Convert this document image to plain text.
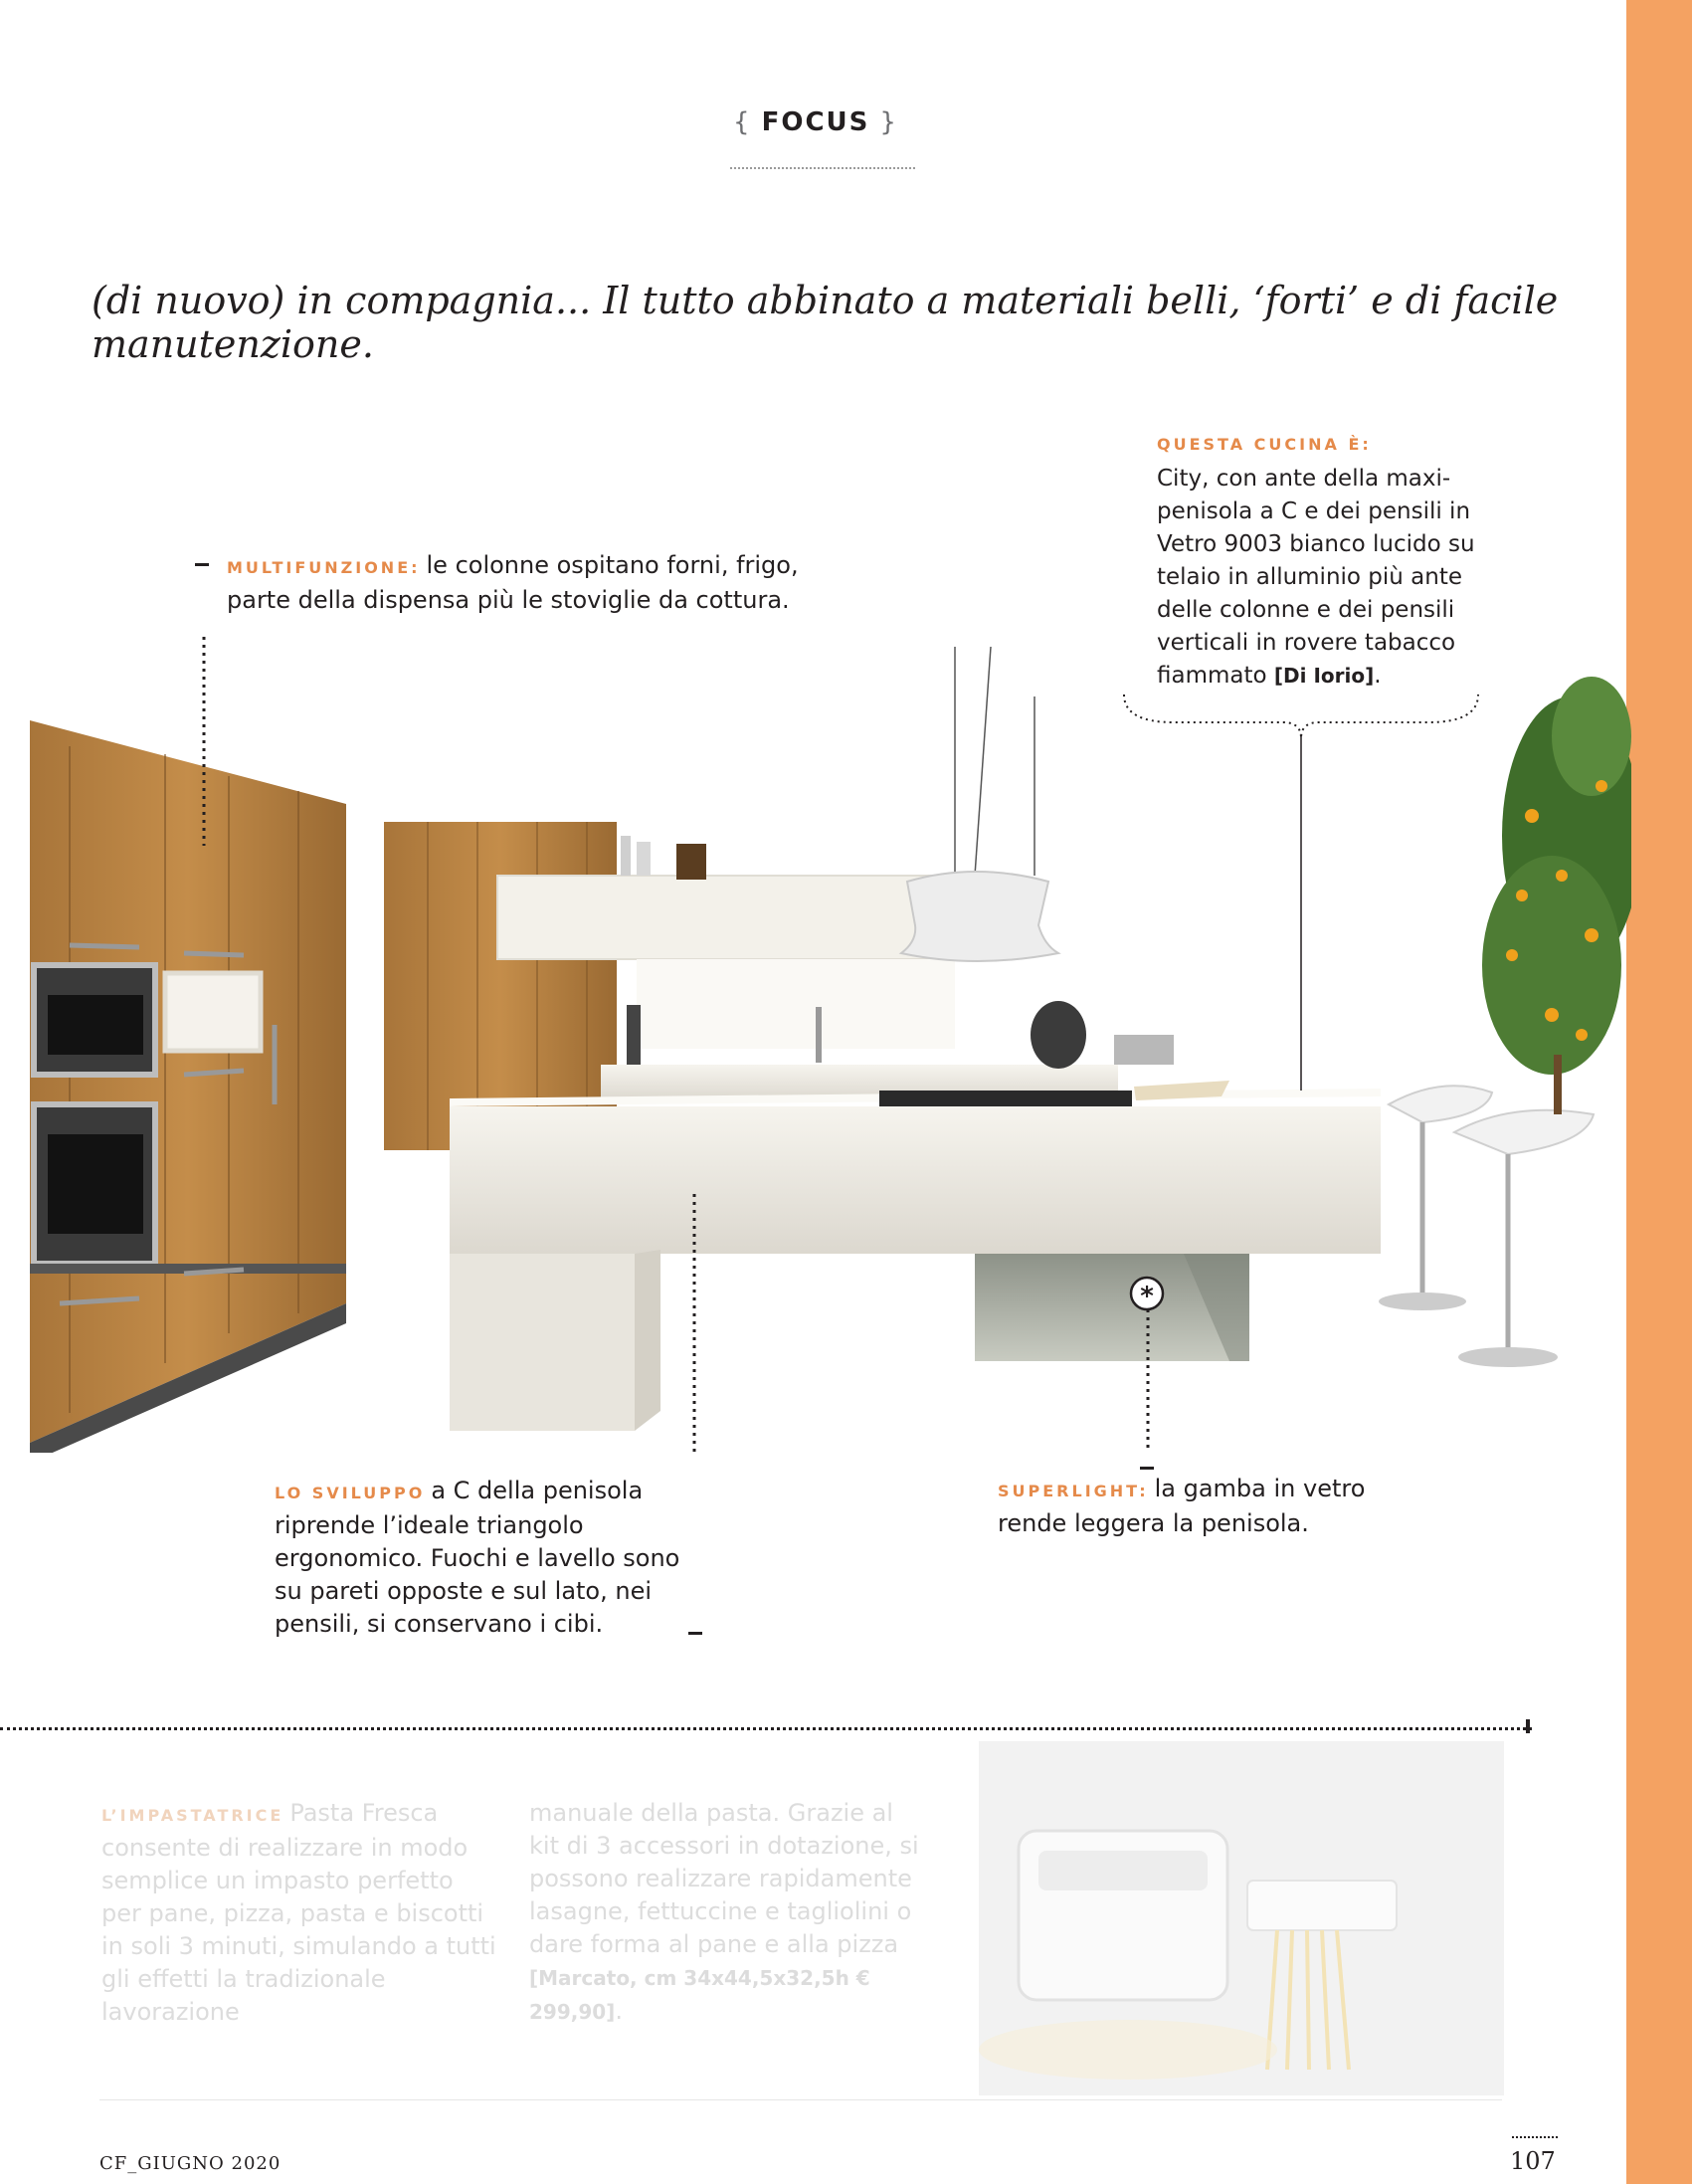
{ FOCUS }
(di nuovo) in compagnia... Il tutto abbinato a materiali belli, ‘forti’ e di facile manutenzione.
*
MULTIFUNZIONE: le colonne ospitano forni, frigo, parte della dispensa più le stoviglie da cottura.
QUESTA CUCINA È:
City, con ante della maxi-penisola a C e dei pensili in Vetro 9003 bianco lucido su telaio in alluminio più ante delle colonne e dei pensili verticali in rovere tabacco fiammato [Di Iorio].
LO SVILUPPO a C della penisola riprende l’ideale triangolo ergonomico. Fuochi e lavello sono su pareti opposte e sul lato, nei pensili, si conservano i cibi.
SUPERLIGHT: la gamba in vetro rende leggera la penisola.
L’IMPASTATRICE Pasta Fresca consente di realizzare in modo semplice un impasto perfetto per pane, pizza, pasta e biscotti in soli 3 minuti, simulando a tutti gli effetti la tradizionale lavorazione
manuale della pasta. Grazie al kit di 3 accessori in dotazione, si possono realizzare rapidamente lasagne, fettuccine e tagliolini o dare forma al pane e alla pizza [Marcato, cm 34x44,5x32,5h € 299,90].
CF_GIUGNO 2020	107
